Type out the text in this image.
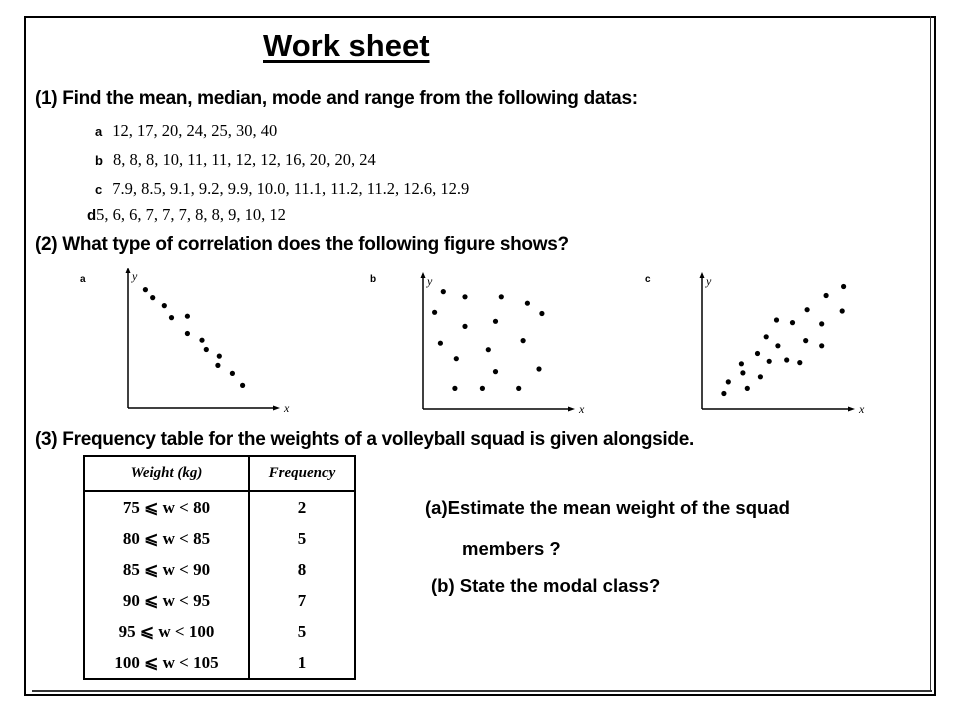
Work sheet
(1) Find the mean, median, mode and range from the following datas:
a 12, 17, 20, 24, 25, 30, 40
b 8, 8, 8, 10, 11, 11, 12, 12, 16, 20, 20, 24
c 7.9, 8.5, 9.1, 9.2, 9.9, 10.0, 11.1, 11.2, 11.2, 12.6, 12.9
d5, 6, 6, 7, 7, 7, 8, 8, 9, 10, 12
(2) What type of correlation does the following figure shows?
a	y
x
b	y
x
c	y
x
(3) Frequency table for the weights of a volleyball squad is given alongside.
Weight (kg)	Frequency
75 ⩽ w < 80	2
80 ⩽ w < 85	5
85 ⩽ w < 90	8
90 ⩽ w < 95	7
95 ⩽ w < 100	5
100 ⩽ w < 105	1
(a)Estimate the mean weight of the squad
members ?
(b) State the modal class?
